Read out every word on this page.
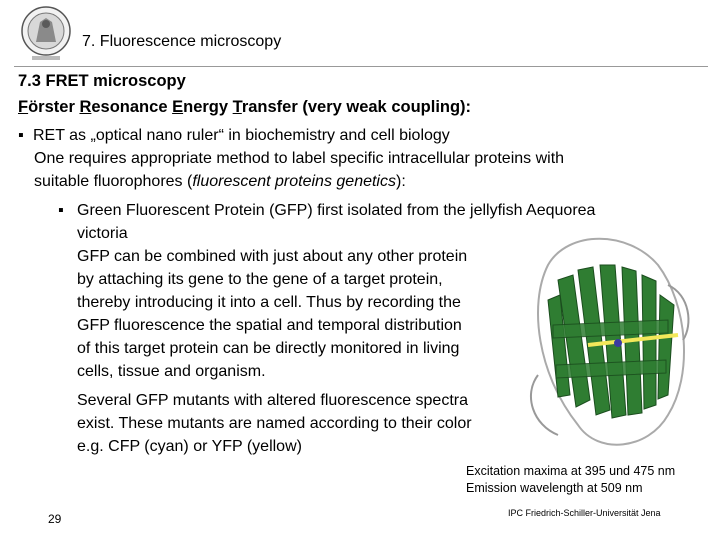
7. Fluorescence microscopy
7.3 FRET microscopy
Förster Resonance Energy Transfer (very weak coupling):
▪ RET as „optical nano ruler“ in biochemistry and cell biology
One requires appropriate method to label specific intracellular proteins with
suitable fluorophores (fluorescent proteins genetics):
▪ Green Fluorescent Protein (GFP) first isolated from the jellyfish Aequorea
victoria
GFP can be combined with just about any other protein
by attaching its gene to the gene of a target protein,
thereby introducing it into a cell. Thus by recording the
GFP fluorescence the spatial and temporal distribution
of this target protein can be directly monitored in living
cells, tissue and organism.
Several GFP mutants with altered fluorescence spectra
exist. These mutants are named according to their color
e.g. CFP (cyan) or YFP (yellow)
Excitation maxima at 395 und 475 nm
Emission wavelength at 509 nm
29	IPC Friedrich-Schiller-Universität Jena
